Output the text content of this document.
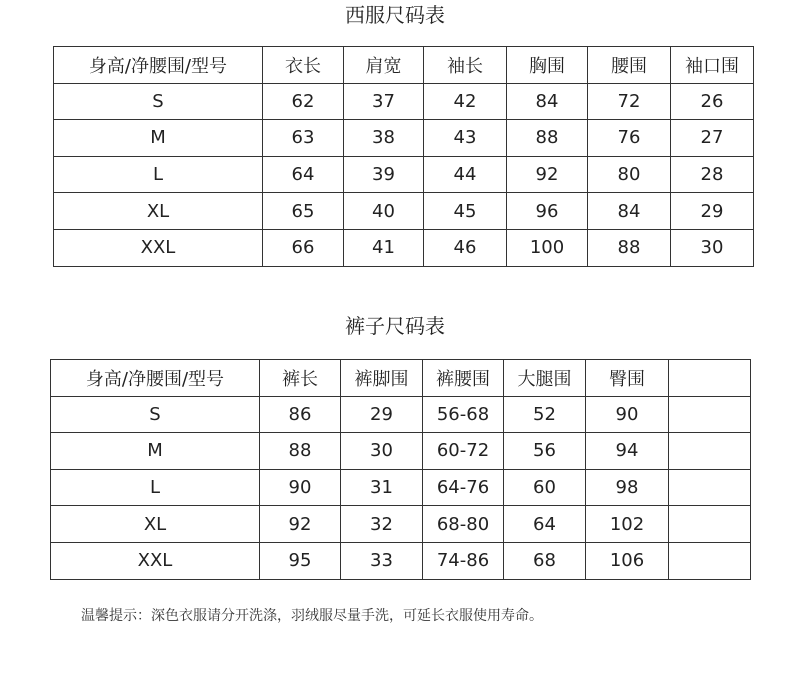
西服尺码表
身高/净腰围/型号	衣长	肩宽	袖长	胸围	腰围	袖口围
S	62	37	42	84	72	26
M	63	38	43	88	76	27
L	64	39	44	92	80	28
XL	65	40	45	96	84	29
XXL	66	41	46	100	88	30
裤子尺码表
身高/净腰围/型号	裤长	裤脚围	裤腰围	大腿围	臀围	
S	86	29	56-68	52	90	
M	88	30	60-72	56	94	
L	90	31	64-76	60	98	
XL	92	32	68-80	64	102	
XXL	95	33	74-86	68	106	
温馨提示：深色衣服请分开洗涤，羽绒服尽量手洗，可延长衣服使用寿命。
